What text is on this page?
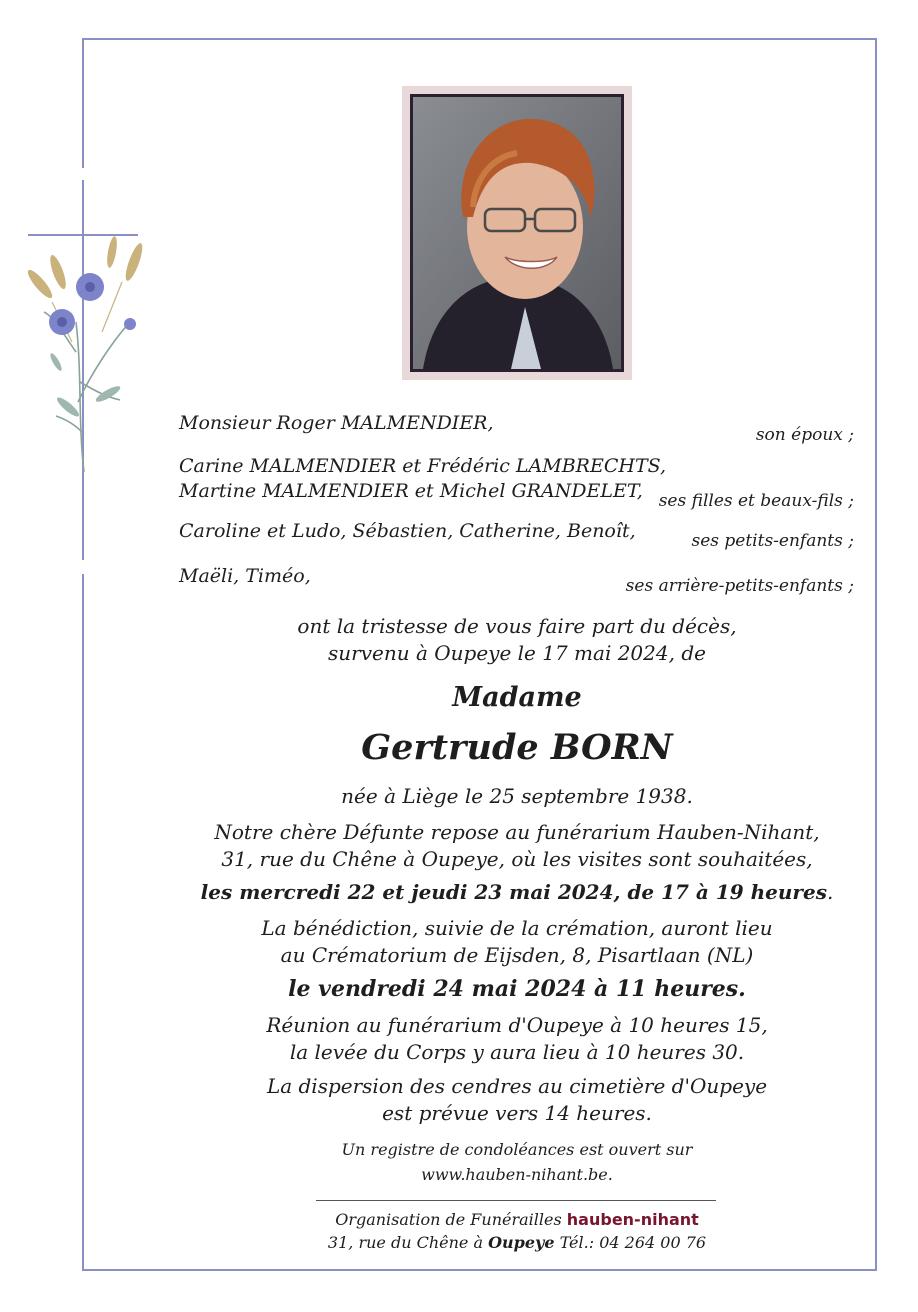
Monsieur Roger MALMENDIER,
son époux ;
Carine MALMENDIER et Frédéric LAMBRECHTS,
Martine MALMENDIER et Michel GRANDELET, ses filles et beaux-fils ;
Caroline et Ludo, Sébastien, Catherine, Benoît,	ses petits-enfants ;
Maëli, Timéo,	ses arrière-petits-enfants ;
ont la tristesse de vous faire part du décès,
survenu à Oupeye le 17 mai 2024, de
Madame
Gertrude BORN
née à Liège le 25 septembre 1938.
Notre chère Défunte repose au funérarium Hauben-Nihant,
31, rue du Chêne à Oupeye, où les visites sont souhaitées,
les mercredi 22 et jeudi 23 mai 2024, de 17 à 19 heures.
La bénédiction, suivie de la crémation, auront lieu
au Crématorium de Eijsden, 8, Pisartlaan (NL)
le vendredi 24 mai 2024 à 11 heures.
Réunion au funérarium d'Oupeye à 10 heures 15,
la levée du Corps y aura lieu à 10 heures 30.
La dispersion des cendres au cimetière d'Oupeye
est prévue vers 14 heures.
Un registre de condoléances est ouvert sur
www.hauben-nihant.be.
Organisation de Funérailles hauben-nihant
31, rue du Chêne à Oupeye Tél.: 04 264 00 76
